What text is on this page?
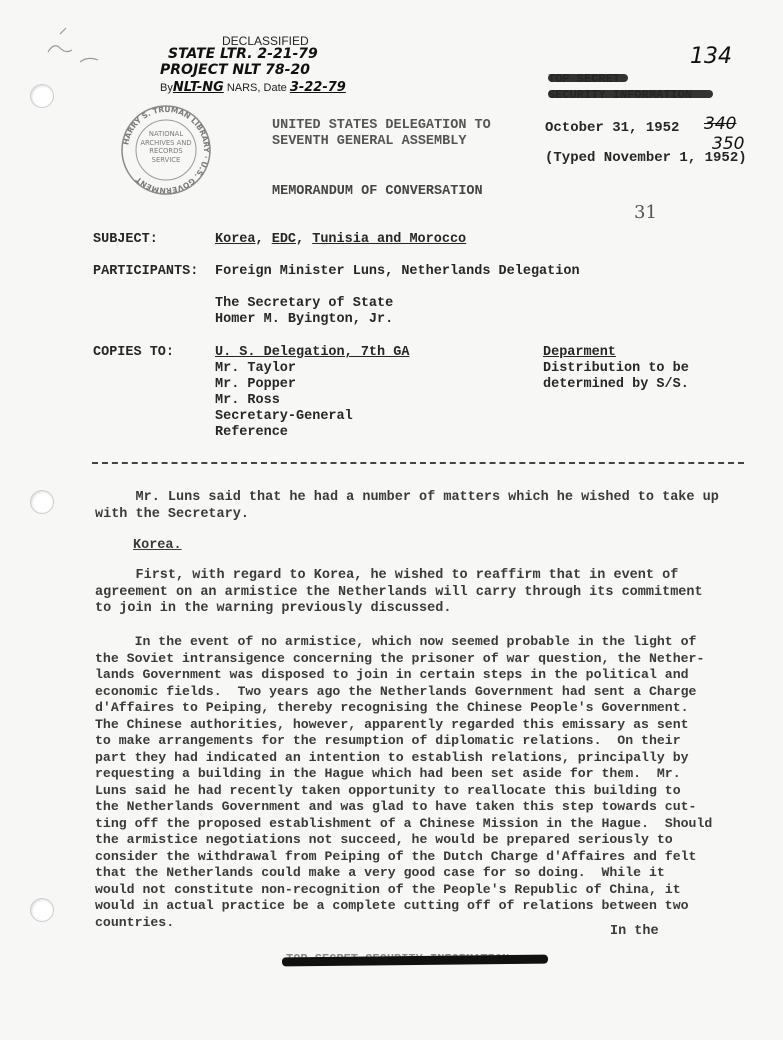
DECLASSIFIED
STATE LTR. 2-21-79
PROJECT NLT 78-20
ByNLT-NG NARS, Date 3-22-79
134
HARRY S. TRUMAN LIBRARY · U.S. GOVERNMENT
NATIONAL
ARCHIVES AND
RECORDS
SERVICE
UNITED STATES DELEGATION TO
SEVENTH GENERAL ASSEMBLY
October 31, 1952
(Typed November 1, 1952)
340
350
MEMORANDUM OF CONVERSATION
31
SUBJECT:	Korea, EDC, Tunisia and Morocco
PARTICIPANTS: Foreign Minister Luns, Netherlands Delegation
The Secretary of State
Homer M. Byington, Jr.
COPIES TO:	U. S. Delegation, 7th GA
Mr. Taylor
Mr. Popper
Mr. Ross
Secretary-General
Reference
Deparment
Distribution to be
determined by S/S.
Mr. Luns said that he had a number of matters which he wished to take up
with the Secretary.
Korea.
First, with regard to Korea, he wished to reaffirm that in event of
agreement on an armistice the Netherlands will carry through its commitment
to join in the warning previously discussed.
In the event of no armistice, which now seemed probable in the light of
the Soviet intransigence concerning the prisoner of war question, the Nether-
lands Government was disposed to join in certain steps in the political and
economic fields.  Two years ago the Netherlands Government had sent a Charge
d'Affaires to Peiping, thereby recognising the Chinese People's Government.
The Chinese authorities, however, apparently regarded this emissary as sent
to make arrangements for the resumption of diplomatic relations.  On their
part they had indicated an intention to establish relations, principally by
requesting a building in the Hague which had been set aside for them.  Mr.
Luns said he had recently taken opportunity to reallocate this building to
the Netherlands Government and was glad to have taken this step towards cut-
ting off the proposed establishment of a Chinese Mission in the Hague.  Should
the armistice negotiations not succeed, he would be prepared seriously to
consider the withdrawal from Peiping of the Dutch Charge d'Affaires and felt
that the Netherlands could make a very good case for so doing.  While it
would not constitute non-recognition of the People's Republic of China, it
would in actual practice be a complete cutting off of relations between two
countries.
In the
